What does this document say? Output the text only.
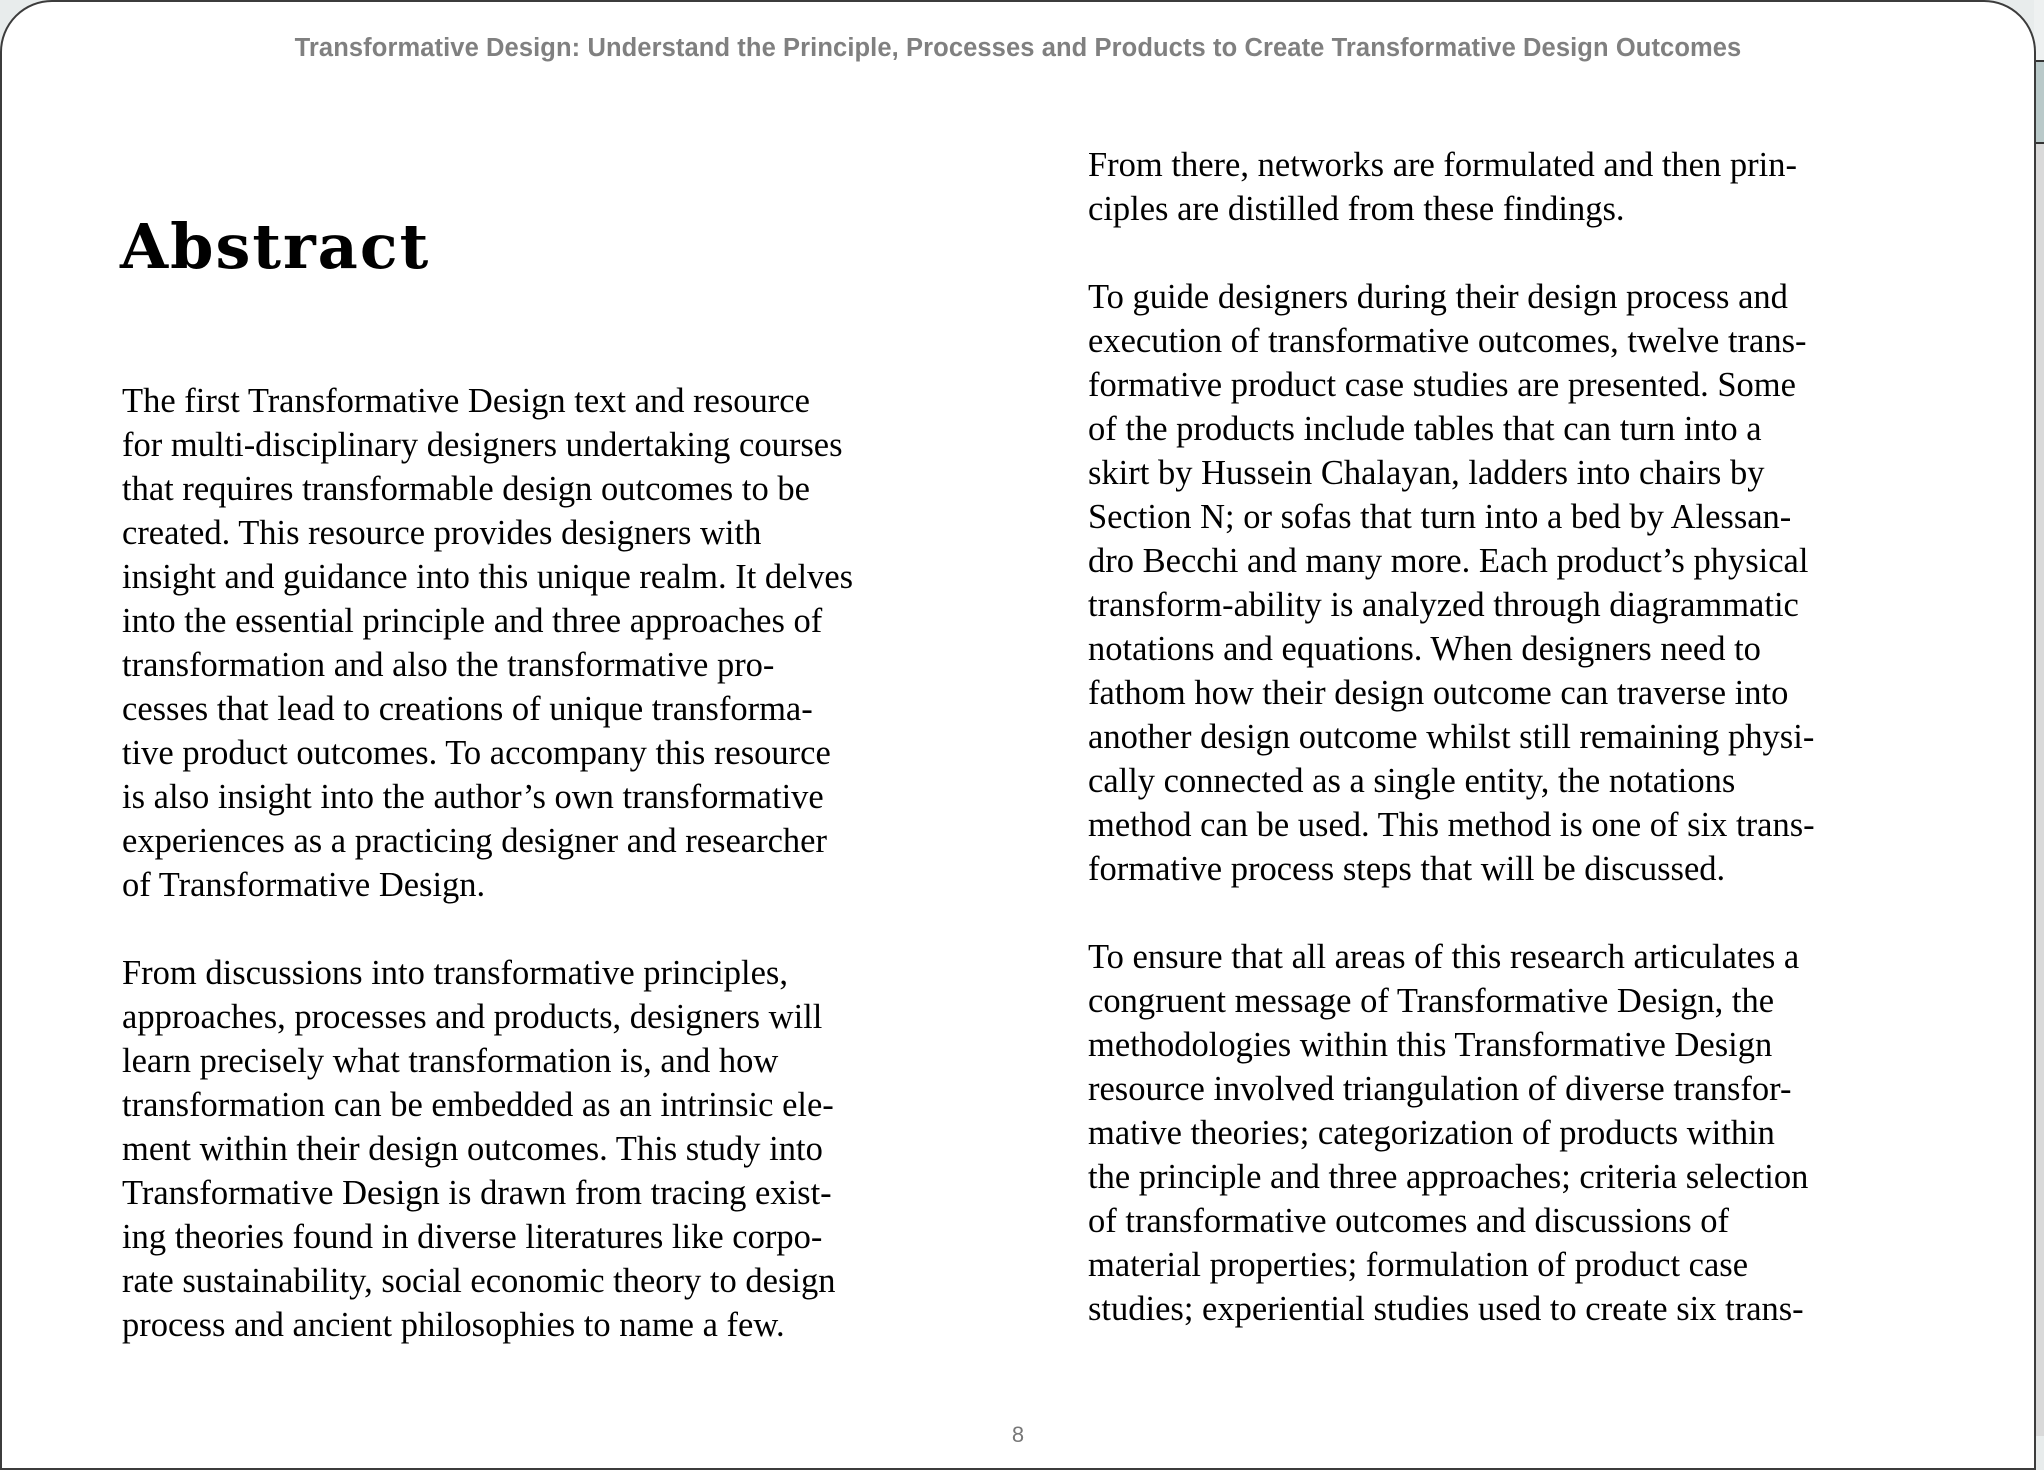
Transformative Design: Understand the Principle, Processes and Products to Create Transformative Design Outcomes
Abstract

The first Transformative Design text and resource
for multi-disciplinary designers undertaking courses
that requires transformable design outcomes to be
created. This resource provides designers with
insight and guidance into this unique realm. It delves
into the essential principle and three approaches of
transformation and also the transformative pro-
cesses that lead to creations of unique transforma-
tive product outcomes. To accompany this resource
is also insight into the author’s own transformative
experiences as a practicing designer and researcher
of Transformative Design.

From discussions into transformative principles,
approaches, processes and products, designers will
learn precisely what transformation is, and how
transformation can be embedded as an intrinsic ele-
ment within their design outcomes. This study into
Transformative Design is drawn from tracing exist-
ing theories found in diverse literatures like corpo-
rate sustainability, social economic theory to design
process and ancient philosophies to name a few.

From there, networks are formulated and then prin-
ciples are distilled from these findings.

To guide designers during their design process and
execution of transformative outcomes, twelve trans-
formative product case studies are presented. Some
of the products include tables that can turn into a
skirt by Hussein Chalayan, ladders into chairs by
Section N; or sofas that turn into a bed by Alessan-
dro Becchi and many more. Each product’s physical
transform-ability is analyzed through diagrammatic
notations and equations. When designers need to
fathom how their design outcome can traverse into
another design outcome whilst still remaining physi-
cally connected as a single entity, the notations
method can be used. This method is one of six trans-
formative process steps that will be discussed.

To ensure that all areas of this research articulates a
congruent message of Transformative Design, the
methodologies within this Transformative Design
resource involved triangulation of diverse transfor-
mative theories; categorization of products within
the principle and three approaches; criteria selection
of transformative outcomes and discussions of
material properties; formulation of product case
studies; experiential studies used to create six trans-

8
